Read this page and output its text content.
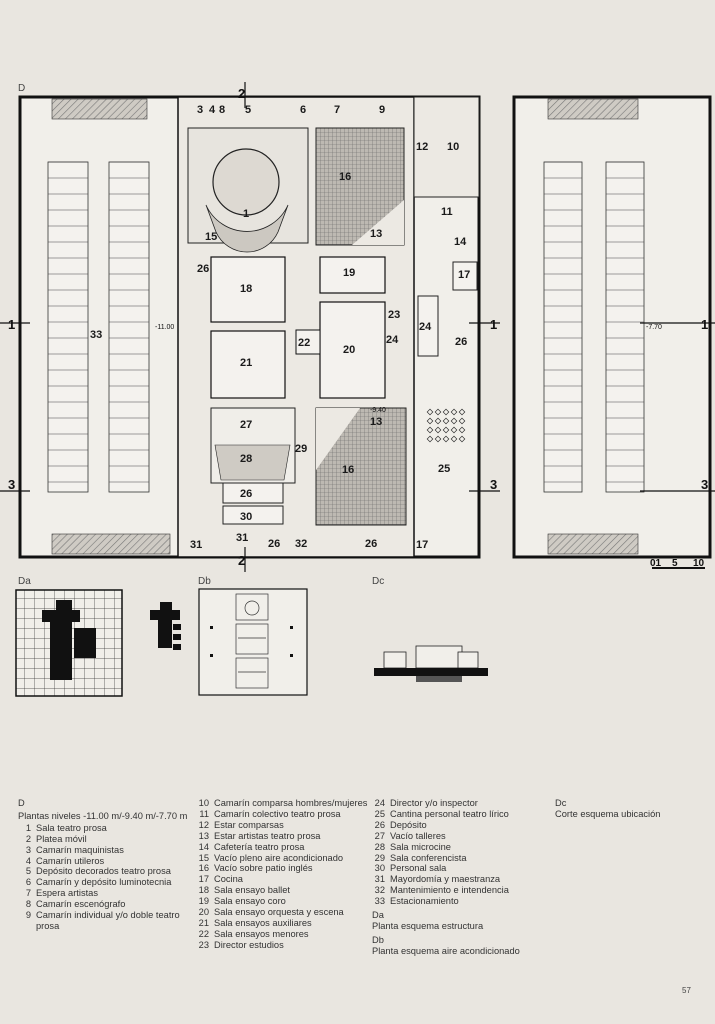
1	1	1
3	3	3
2
2
-11.00
-9.40
-7.70
01 5 10
3 4 8 5	6	7	9
12 10
11
16
13
14
15
1
26
18
19	17
23
24
24	26
33
22
20
21
27	13
29
28
16	25
26
30
31
31 26 32	26	17
D
Da	Db	Dc
D
Plantas niveles -11.00 m/-9.40 m/-7.70 m
1 Sala teatro prosa
2 Platea móvil
3 Camarín maquinistas
4 Camarín utileros
5 Depósito decorados teatro prosa
6 Camarín y depósito luminotecnia
7 Espera artistas
8 Camarín escenógrafo
9 Camarín individual y/o doble teatro prosa
10 Camarín comparsa hombres/mujeres
11 Camarín colectivo teatro prosa
12 Estar comparsas
13 Estar artistas teatro prosa
14 Cafetería teatro prosa
15 Vacío pleno aire acondicionado
16 Vacío sobre patio inglés
17 Cocina
18 Sala ensayo ballet
19 Sala ensayo coro
20 Sala ensayo orquesta y escena
21 Sala ensayos auxiliares
22 Sala ensayos menores
23 Director estudios
24 Director y/o inspector
25 Cantina personal teatro lírico
26 Depósito
27 Vacío talleres
28 Sala microcine
29 Sala conferencista
30 Personal sala
31 Mayordomía y maestranza
32 Mantenimiento e intendencia
33 Estacionamiento
Da
Planta esquema estructura
Db
Planta esquema aire acondicionado
Dc
Corte esquema ubicación
57
